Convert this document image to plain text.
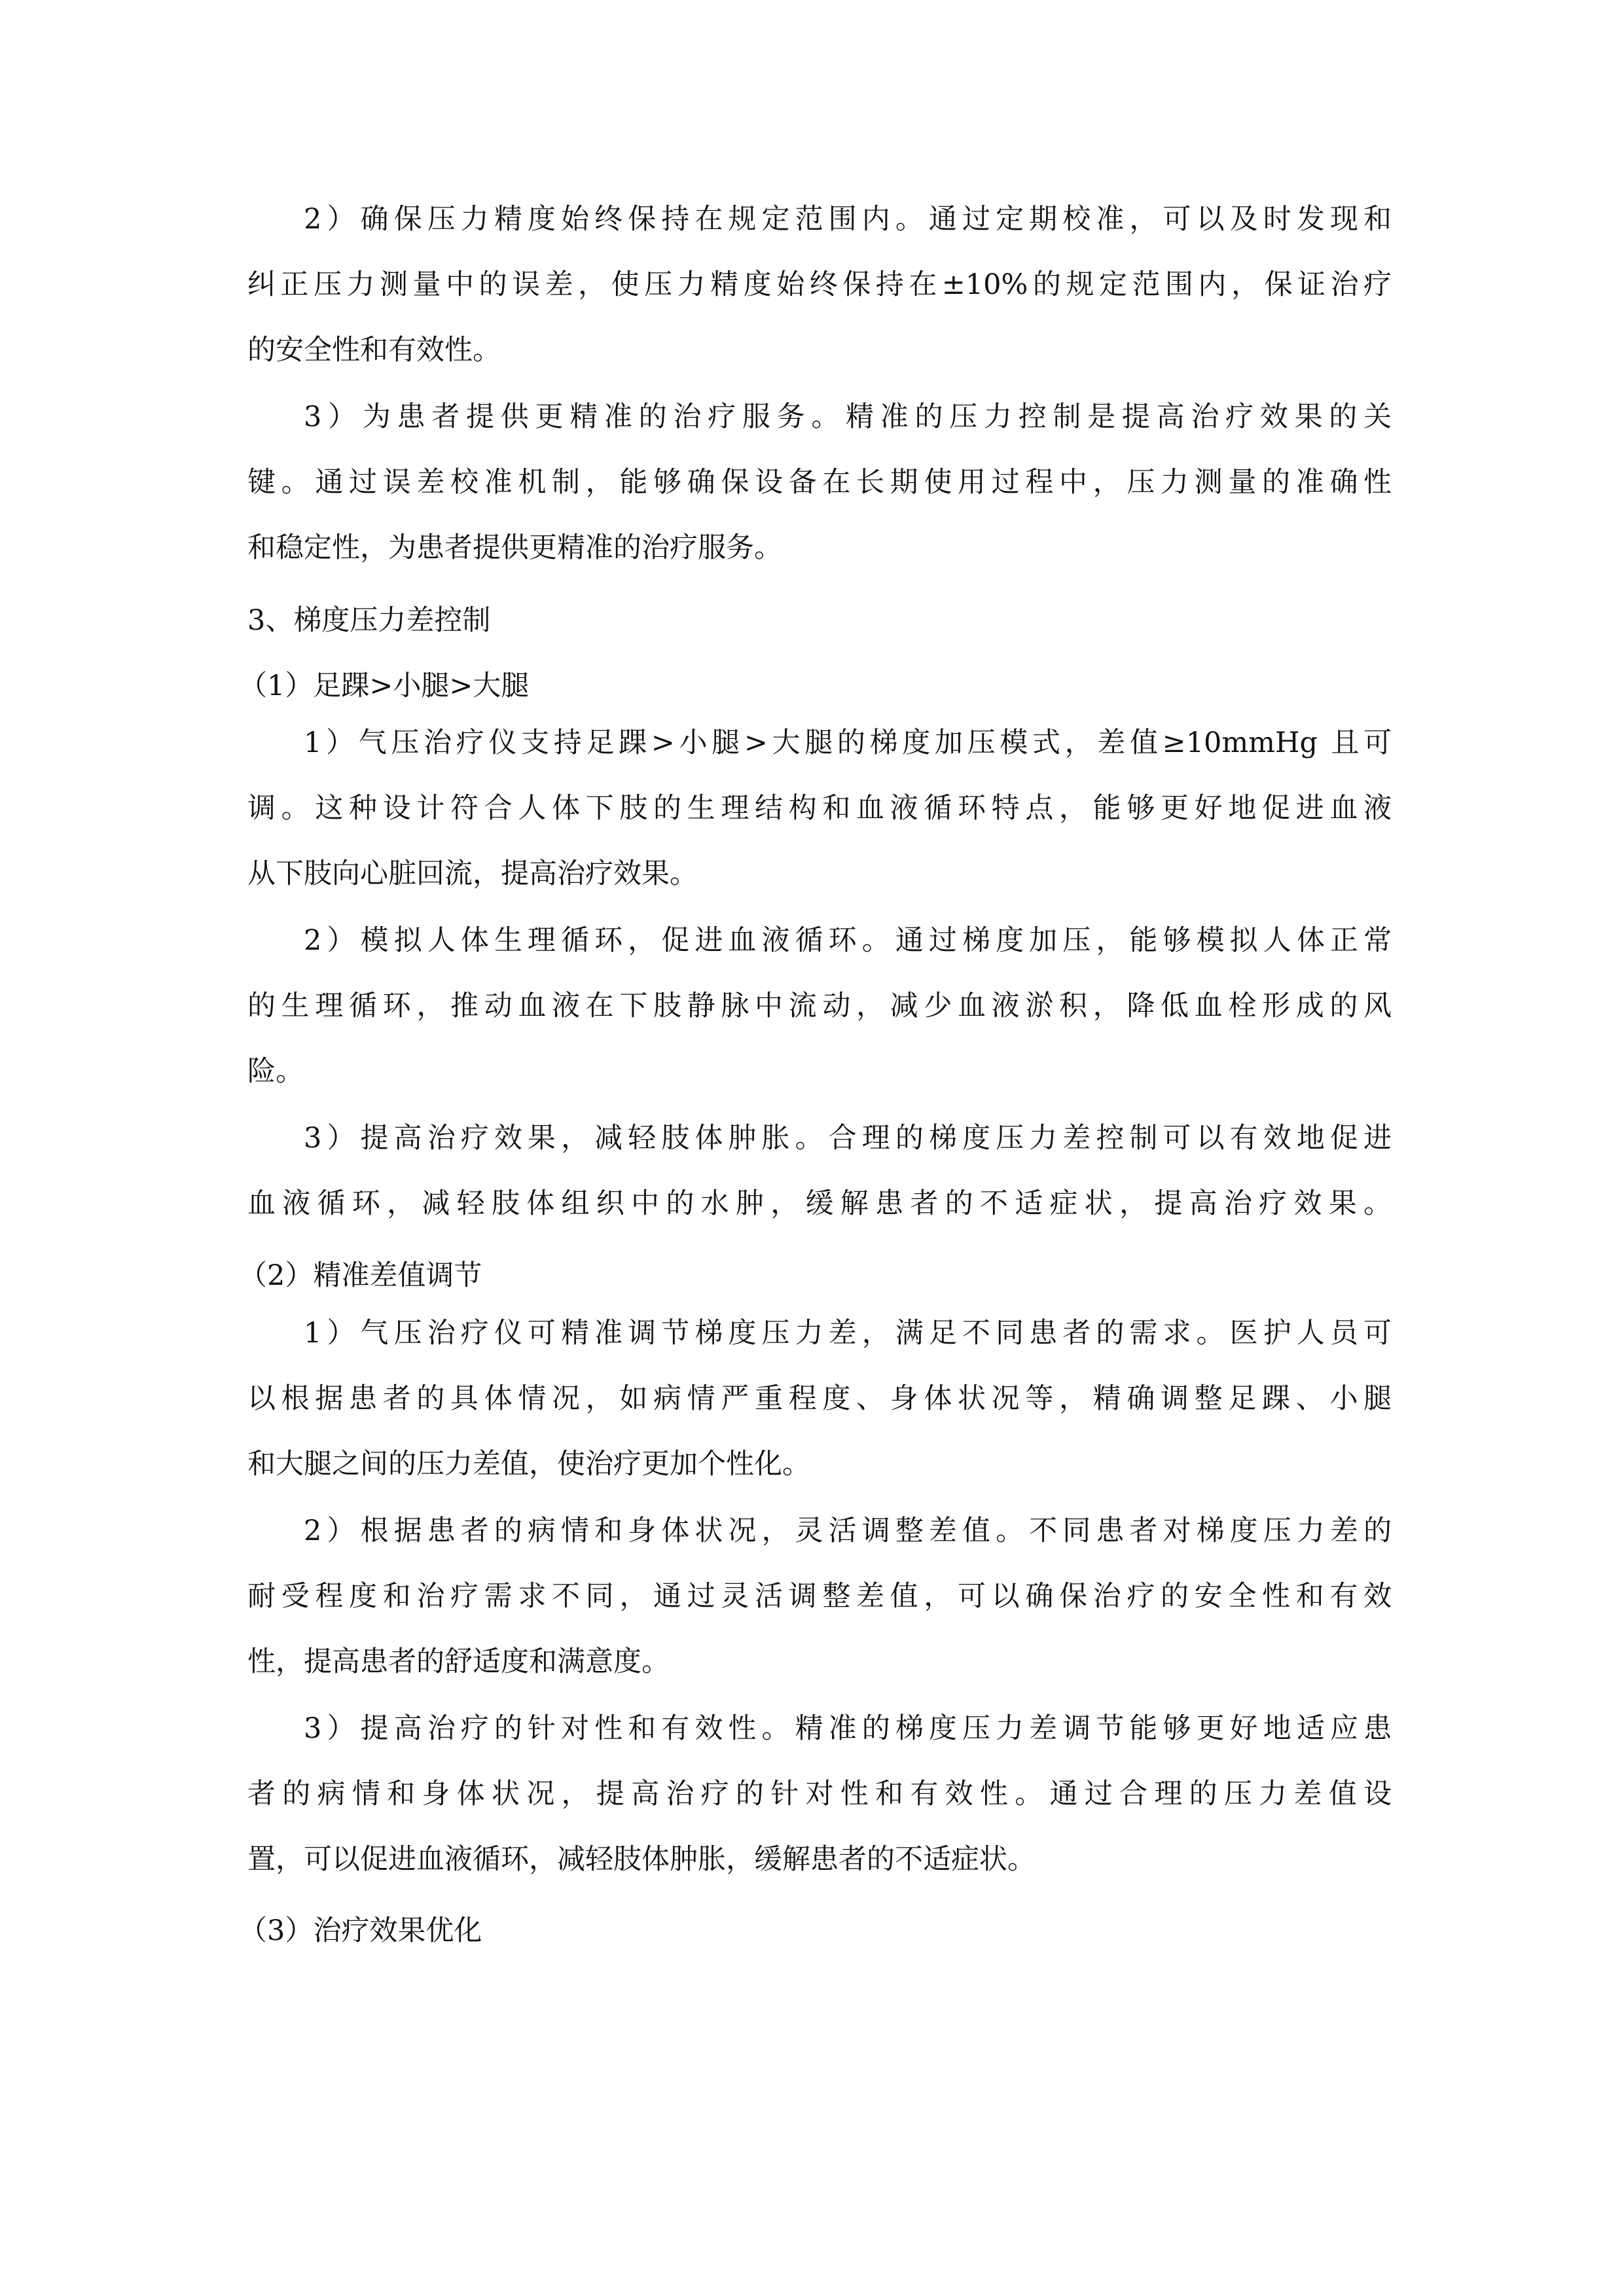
2）确保压力精度始终保持在规定范围内。通过定期校准，可以及时发现和
纠正压力测量中的误差，使压力精度始终保持在±10%的规定范围内，保证治疗
的安全性和有效性。

3）为患者提供更精准的治疗服务。精准的压力控制是提高治疗效果的关
键。通过误差校准机制，能够确保设备在长期使用过程中，压力测量的准确性
和稳定性，为患者提供更精准的治疗服务。

3、梯度压力差控制

（1）足踝>小腿>大腿

1）气压治疗仪支持足踝>小腿>大腿的梯度加压模式，差值≥10mmHg 且可
调。这种设计符合人体下肢的生理结构和血液循环特点，能够更好地促进血液
从下肢向心脏回流，提高治疗效果。

2）模拟人体生理循环，促进血液循环。通过梯度加压，能够模拟人体正常
的生理循环，推动血液在下肢静脉中流动，减少血液淤积，降低血栓形成的风
险。

3）提高治疗效果，减轻肢体肿胀。合理的梯度压力差控制可以有效地促进
血液循环，减轻肢体组织中的水肿，缓解患者的不适症状，提高治疗效果。

（2）精准差值调节

1）气压治疗仪可精准调节梯度压力差，满足不同患者的需求。医护人员可
以根据患者的具体情况，如病情严重程度、身体状况等，精确调整足踝、小腿
和大腿之间的压力差值，使治疗更加个性化。

2）根据患者的病情和身体状况，灵活调整差值。不同患者对梯度压力差的
耐受程度和治疗需求不同，通过灵活调整差值，可以确保治疗的安全性和有效
性，提高患者的舒适度和满意度。

3）提高治疗的针对性和有效性。精准的梯度压力差调节能够更好地适应患
者的病情和身体状况，提高治疗的针对性和有效性。通过合理的压力差值设
置，可以促进血液循环，减轻肢体肿胀，缓解患者的不适症状。

（3）治疗效果优化
